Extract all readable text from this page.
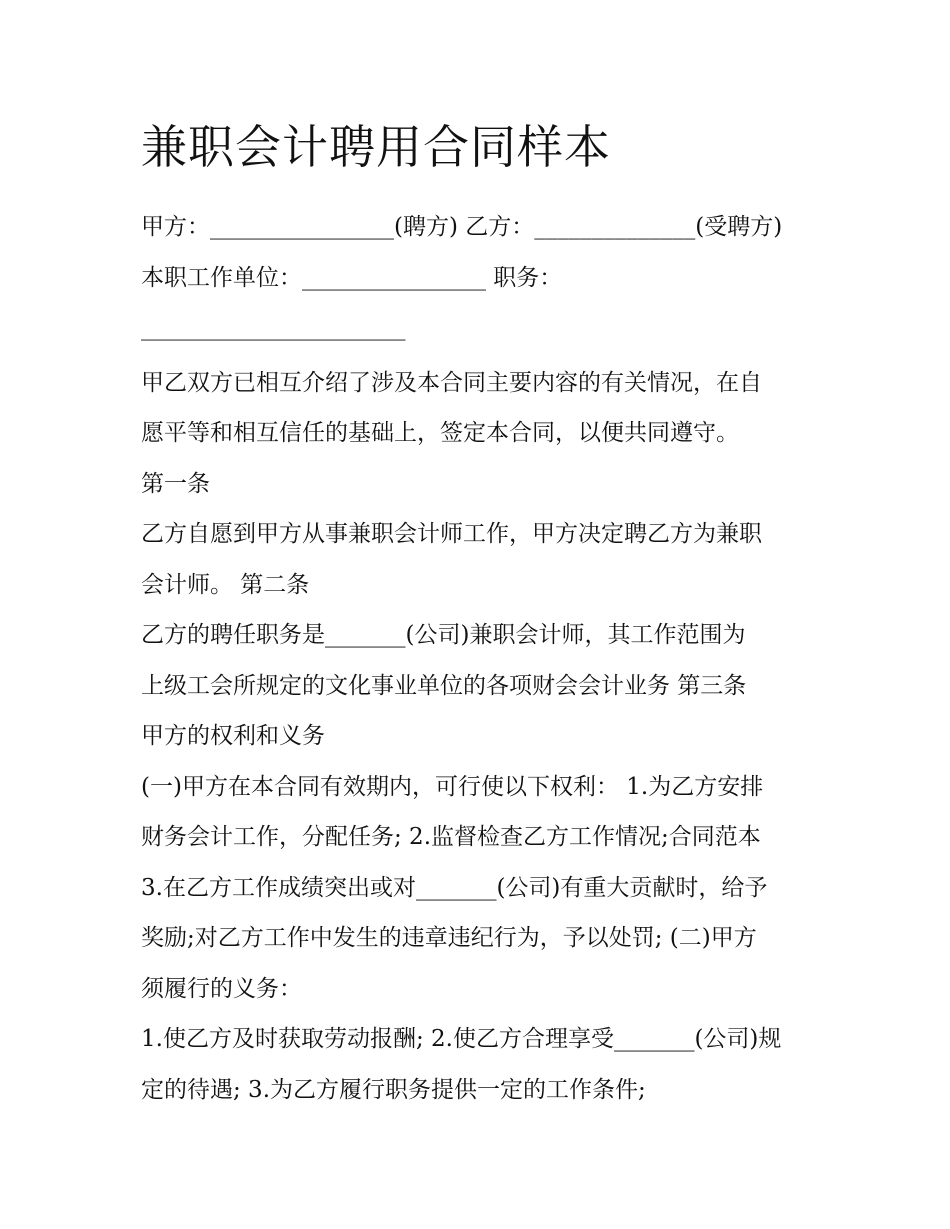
兼职会计聘用合同样本

甲方：________________(聘方) 乙方：______________(受聘方)

本职工作单位：________________ 职务：

_______________________

甲乙双方已相互介绍了涉及本合同主要内容的有关情况，在自

愿平等和相互信任的基础上，签定本合同，以便共同遵守。

第一条

乙方自愿到甲方从事兼职会计师工作，甲方决定聘乙方为兼职

会计师。 第二条

乙方的聘任职务是_______(公司)兼职会计师，其工作范围为

上级工会所规定的文化事业单位的各项财会会计业务 第三条

甲方的权利和义务

(一)甲方在本合同有效期内，可行使以下权利： 1.为乙方安排

财务会计工作，分配任务; 2.监督检查乙方工作情况;合同范本

3.在乙方工作成绩突出或对_______(公司)有重大贡献时，给予

奖励;对乙方工作中发生的违章违纪行为，予以处罚; (二)甲方

须履行的义务：

1.使乙方及时获取劳动报酬; 2.使乙方合理享受_______(公司)规

定的待遇; 3.为乙方履行职务提供一定的工作条件;
